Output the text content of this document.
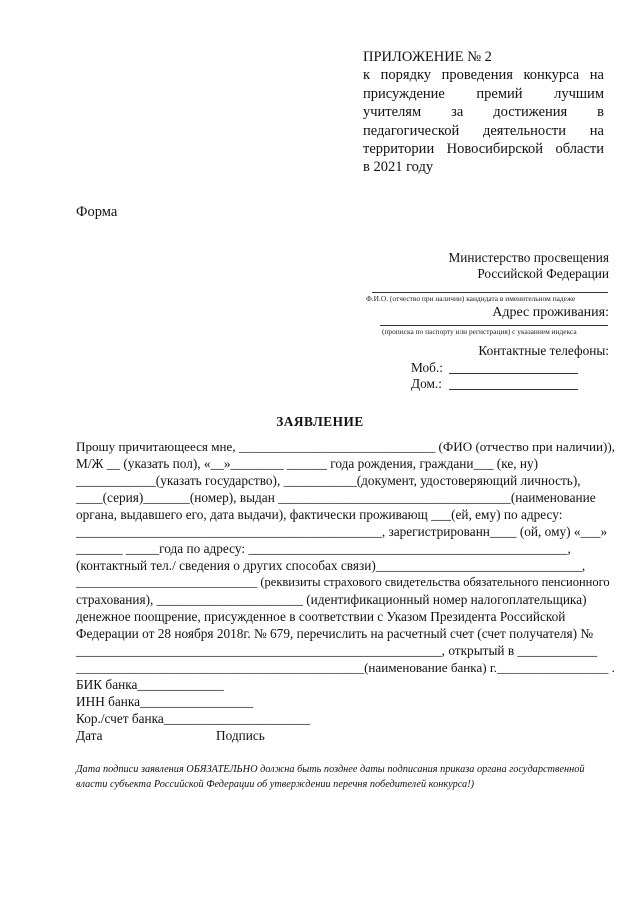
ПРИЛОЖЕНИЕ № 2
к порядку проведения конкурса на
присуждение премий лучшим
учителям за достижения в
педагогической деятельности на
территории Новосибирской области
в 2021 году
Форма
Министерство просвещения
Российской Федерации
Ф.И.О. (отчество при наличии) кандидата в именительном падеже
Адрес проживания:
(прописка по паспорту или регистрация) с указанием индекса
Контактные телефоны:
Моб.:
Дом.:
ЗАЯВЛЕНИЕ
Прошу причитающееся мне, ______________________________ (ФИО (отчество при наличии)),
М/Ж __ (указать пол), «__»________ ______ года рождения, граждани___ (ке, ну)
____________(указать государство), ___________(документ, удостоверяющий личность),
____(серия)_______(номер), выдан ___________________________________(наименование
органа, выдавшего его, дата выдачи), фактически проживающ ___(ей, ему) по адресу:
______________________________________________, зарегистрированн____ (ой, ому) «___»
_______ _____года по адресу: ________________________________________________,
(контактный тел./ сведения о других способах связи)_______________________________,
_____________________________ (реквизиты страхового свидетельства обязательного пенсионного
страхования), ______________________ (идентификационный номер налогоплательщика)
денежное поощрение, присужденное в соответствии с Указом Президента Российской
Федерации от 28 ноября 2018г. № 679, перечислить на расчетный счет (счет получателя) №
_______________________________________________________, открытый в ____________
____________________________________________(наименование банка) г._________________ .
БИК банка_____________
ИНН банка_________________
Кор./счет банка______________________
Дата	Подпись
Дата подписи заявления ОБЯЗАТЕЛЬНО должна быть позднее даты подписания приказа органа государственной
власти субъекта Российской Федерации об утверждении перечня победителей конкурса!)
